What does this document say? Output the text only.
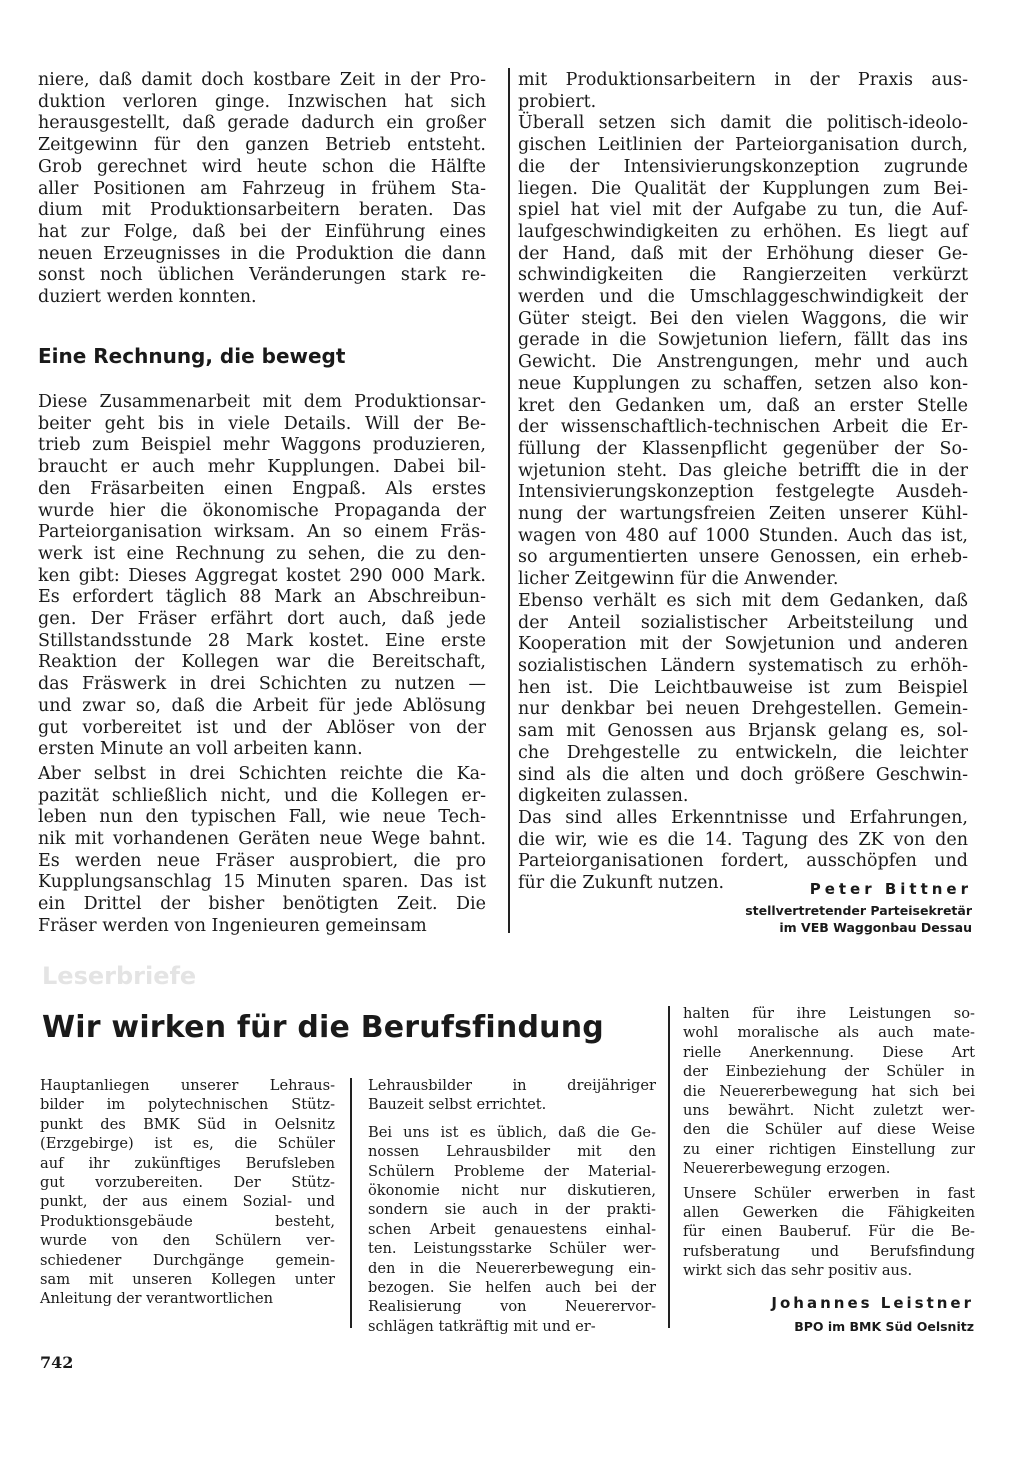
niere, daß damit doch kostbare Zeit in der Pro-
duktion verloren ginge. Inzwischen hat sich
herausgestellt, daß gerade dadurch ein großer
Zeitgewinn für den ganzen Betrieb entsteht.
Grob gerechnet wird heute schon die Hälfte
aller Positionen am Fahrzeug in frühem Sta-
dium mit Produktionsarbeitern beraten. Das
hat zur Folge, daß bei der Einführung eines
neuen Erzeugnisses in die Produktion die dann
sonst noch üblichen Veränderungen stark re-
duziert werden konnten.
Eine Rechnung, die bewegt
Diese Zusammenarbeit mit dem Produktionsar-
beiter geht bis in viele Details. Will der Be-
trieb zum Beispiel mehr Waggons produzieren,
braucht er auch mehr Kupplungen. Dabei bil-
den Fräsarbeiten einen Engpaß. Als erstes
wurde hier die ökonomische Propaganda der
Parteiorganisation wirksam. An so einem Fräs-
werk ist eine Rechnung zu sehen, die zu den-
ken gibt: Dieses Aggregat kostet 290 000 Mark.
Es erfordert täglich 88 Mark an Abschreibun-
gen. Der Fräser erfährt dort auch, daß jede
Stillstandsstunde 28 Mark kostet. Eine erste
Reaktion der Kollegen war die Bereitschaft,
das Fräswerk in drei Schichten zu nutzen —
und zwar so, daß die Arbeit für jede Ablösung
gut vorbereitet ist und der Ablöser von der
ersten Minute an voll arbeiten kann.
Aber selbst in drei Schichten reichte die Ka-
pazität schließlich nicht, und die Kollegen er-
leben nun den typischen Fall, wie neue Tech-
nik mit vorhandenen Geräten neue Wege bahnt.
Es werden neue Fräser ausprobiert, die pro
Kupplungsanschlag 15 Minuten sparen. Das ist
ein Drittel der bisher benötigten Zeit. Die
Fräser werden von Ingenieuren gemeinsam
mit Produktionsarbeitern in der Praxis aus-
probiert.
Überall setzen sich damit die politisch-ideolo-
gischen Leitlinien der Parteiorganisation durch,
die der Intensivierungskonzeption zugrunde
liegen. Die Qualität der Kupplungen zum Bei-
spiel hat viel mit der Aufgabe zu tun, die Auf-
laufgeschwindigkeiten zu erhöhen. Es liegt auf
der Hand, daß mit der Erhöhung dieser Ge-
schwindigkeiten die Rangierzeiten verkürzt
werden und die Umschlaggeschwindigkeit der
Güter steigt. Bei den vielen Waggons, die wir
gerade in die Sowjetunion liefern, fällt das ins
Gewicht. Die Anstrengungen, mehr und auch
neue Kupplungen zu schaffen, setzen also kon-
kret den Gedanken um, daß an erster Stelle
der wissenschaftlich-technischen Arbeit die Er-
füllung der Klassenpflicht gegenüber der So-
wjetunion steht. Das gleiche betrifft die in der
Intensivierungskonzeption festgelegte Ausdeh-
nung der wartungsfreien Zeiten unserer Kühl-
wagen von 480 auf 1000 Stunden. Auch das ist,
so argumentierten unsere Genossen, ein erheb-
licher Zeitgewinn für die Anwender.
Ebenso verhält es sich mit dem Gedanken, daß
der Anteil sozialistischer Arbeitsteilung und
Kooperation mit der Sowjetunion und anderen
sozialistischen Ländern systematisch zu erhöh-
hen ist. Die Leichtbauweise ist zum Beispiel
nur denkbar bei neuen Drehgestellen. Gemein-
sam mit Genossen aus Brjansk gelang es, sol-
che Drehgestelle zu entwickeln, die leichter
sind als die alten und doch größere Geschwin-
digkeiten zulassen.
Das sind alles Erkenntnisse und Erfahrungen,
die wir, wie es die 14. Tagung des ZK von den
Parteiorganisationen fordert, ausschöpfen und
für die Zukunft nutzen.	Peter Bittner
stellvertretender Parteisekretär
im VEB Waggonbau Dessau
Leserbriefe
Wir wirken für die Berufsfindung
Hauptanliegen unserer Lehraus-
bilder im polytechnischen Stütz-
punkt des BMK Süd in Oelsnitz
(Erzgebirge) ist es, die Schüler
auf ihr zukünftiges Berufsleben
gut vorzubereiten. Der Stütz-
punkt, der aus einem Sozial- und
Produktionsgebäude besteht,
wurde von den Schülern ver-
schiedener Durchgänge gemein-
sam mit unseren Kollegen unter
Anleitung der verantwortlichen
Lehrausbilder in dreijähriger
Bauzeit selbst errichtet.
Bei uns ist es üblich, daß die Ge-
nossen Lehrausbilder mit den
Schülern Probleme der Material-
ökonomie nicht nur diskutieren,
sondern sie auch in der prakti-
schen Arbeit genauestens einhal-
ten. Leistungsstarke Schüler wer-
den in die Neuererbewegung ein-
bezogen. Sie helfen auch bei der
Realisierung von Neuerervor-
schlägen tatkräftig mit und er-
halten für ihre Leistungen so-
wohl moralische als auch mate-
rielle Anerkennung. Diese Art
der Einbeziehung der Schüler in
die Neuererbewegung hat sich bei
uns bewährt. Nicht zuletzt wer-
den die Schüler auf diese Weise
zu einer richtigen Einstellung zur
Neuererbewegung erzogen.
Unsere Schüler erwerben in fast
allen Gewerken die Fähigkeiten
für einen Bauberuf. Für die Be-
rufsberatung und Berufsfindung
wirkt sich das sehr positiv aus.
Johannes Leistner
BPO im BMK Süd Oelsnitz
742
